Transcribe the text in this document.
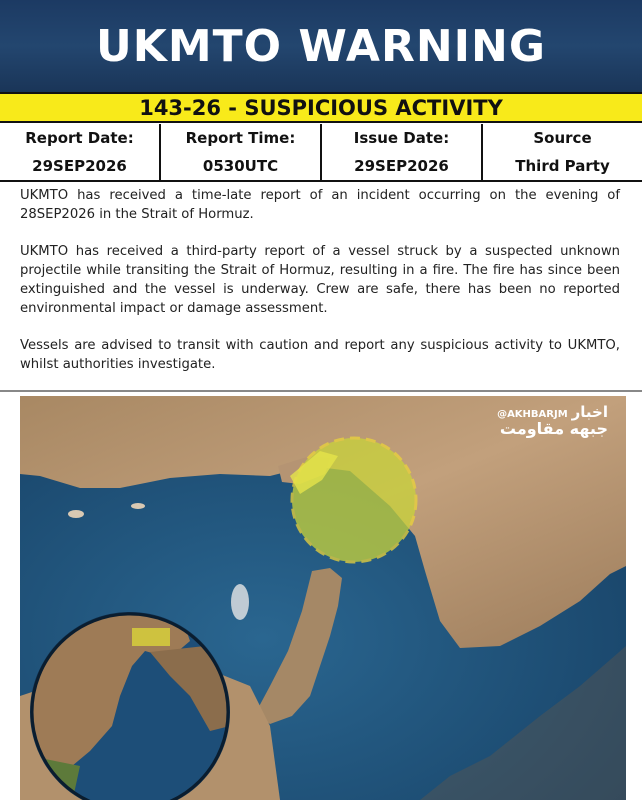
UKMTO WARNING
143-26 - SUSPICIOUS ACTIVITY
Report Date:
29SEP2026
Report Time:
0530UTC
Issue Date:
29SEP2026
Source
Third Party

UKMTO has received a time-late report of an incident occurring on the evening of 28SEP2026 in the Strait of Hormuz.

UKMTO has received a third-party report of a vessel struck by a suspected unknown projectile while transiting the Strait of Hormuz, resulting in a fire. The fire has since been extinguished and the vessel is underway. Crew are safe, there has been no reported environmental impact or damage assessment.

Vessels are advised to transit with caution and report any suspicious activity to UKMTO, whilst authorities investigate.

@AKHBARJM اخبار
جبهه مقاومت
